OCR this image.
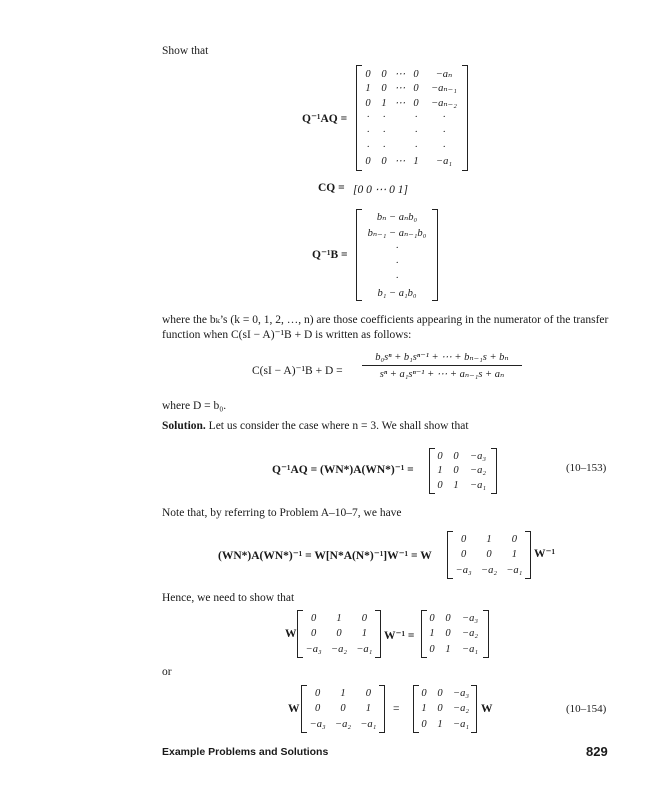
Show that
Q⁻¹AQ =
0 0 ⋯ 0 −aₙ
1 0 ⋯ 0 −aₙ₋₁
0 1 ⋯ 0 −aₙ₋₂
· ·	· ·
· ·	· ·
· ·	· ·
0 0 ⋯ 1 −a₁
CQ = [0 0 ⋯ 0 1]
Q⁻¹B =
bₙ − aₙb₀
bₙ₋₁ − aₙ₋₁b₀
·
·
·
b₁ − a₁b₀
where the bₖ’s (k = 0, 1, 2, …, n) are those coefficients appearing in the numerator of the transfer
function when C(sI − A)⁻¹B + D is written as follows:
$C(sI - A)^{-1}B + D = \frac{\text{b₀sⁿ + b₁sⁿ⁻¹ + ⋯ + bₙ₋₁s + bₙ}}{\text{sⁿ + a₁sⁿ⁻¹ + ⋯ + aₙ₋₁s + aₙ}}$
where D = b₀.
Solution. Let us consider the case where n = 3. We shall show that
Q⁻¹AQ = (WN*)A(WN*)⁻¹ =
0 0 −a₃
1 0 −a₂
0 1 −a₁
(10–153)
Note that, by referring to Problem A–10–7, we have
(WN*)A(WN*)⁻¹ = W[N*A(N*)⁻¹]W⁻¹ = W
0 1 0
0 0 1
−a₃ −a₂ −a₁
W⁻¹
Hence, we need to show that
W
0 1 0
0 0 1
−a₃ −a₂ −a₁
W⁻¹ =
0 0 −a₃
1 0 −a₂
0 1 −a₁
or
W
0 1 0
0 0 1
−a₃ −a₂ −a₁
=
0 0 −a₃
1 0 −a₂
0 1 −a₁
W	(10–154)
Example Problems and Solutions	829
